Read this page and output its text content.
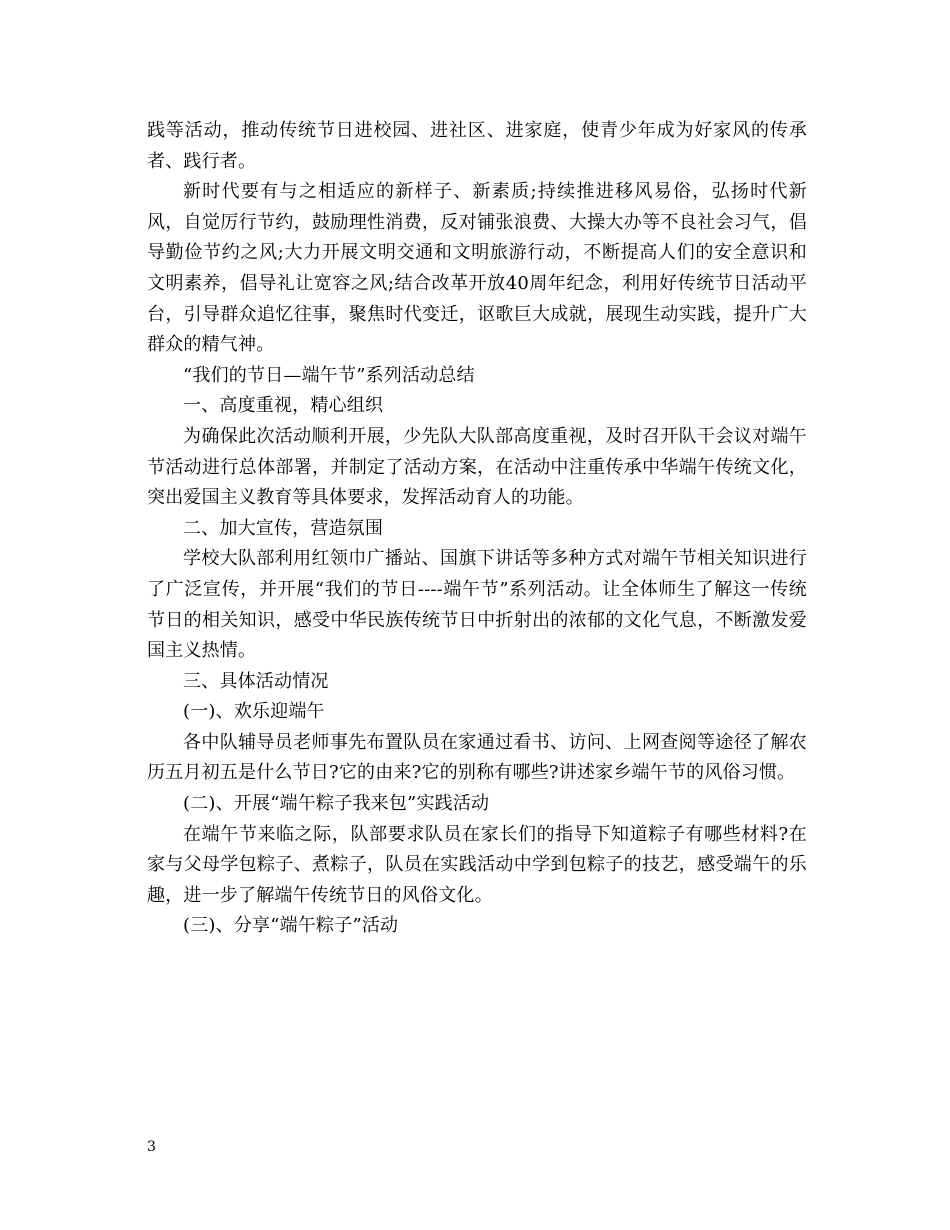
践等活动，推动传统节日进校园、进社区、进家庭，使青少年成为好家风的传承者、践行者。

新时代要有与之相适应的新样子、新素质;持续推进移风易俗，弘扬时代新风，自觉厉行节约，鼓励理性消费，反对铺张浪费、大操大办等不良社会习气，倡导勤俭节约之风;大力开展文明交通和文明旅游行动，不断提高人们的安全意识和文明素养，倡导礼让宽容之风;结合改革开放40周年纪念，利用好传统节日活动平台，引导群众追忆往事，聚焦时代变迁，讴歌巨大成就，展现生动实践，提升广大群众的精气神。

“我们的节日—端午节”系列活动总结

一、高度重视，精心组织

为确保此次活动顺利开展，少先队大队部高度重视，及时召开队干会议对端午节活动进行总体部署，并制定了活动方案，在活动中注重传承中华端午传统文化，突出爱国主义教育等具体要求，发挥活动育人的功能。

二、加大宣传，营造氛围

学校大队部利用红领巾广播站、国旗下讲话等多种方式对端午节相关知识进行了广泛宣传，并开展“我们的节日----端午节”系列活动。让全体师生了解这一传统节日的相关知识，感受中华民族传统节日中折射出的浓郁的文化气息，不断激发爱国主义热情。

三、具体活动情况

(一)、欢乐迎端午

各中队辅导员老师事先布置队员在家通过看书、访问、上网查阅等途径了解农历五月初五是什么节日?它的由来?它的别称有哪些?讲述家乡端午节的风俗习惯。

(二)、开展“端午粽子我来包”实践活动

在端午节来临之际，队部要求队员在家长们的指导下知道粽子有哪些材料?在家与父母学包粽子、煮粽子，队员在实践活动中学到包粽子的技艺，感受端午的乐趣，进一步了解端午传统节日的风俗文化。

(三)、分享“端午粽子”活动

3
